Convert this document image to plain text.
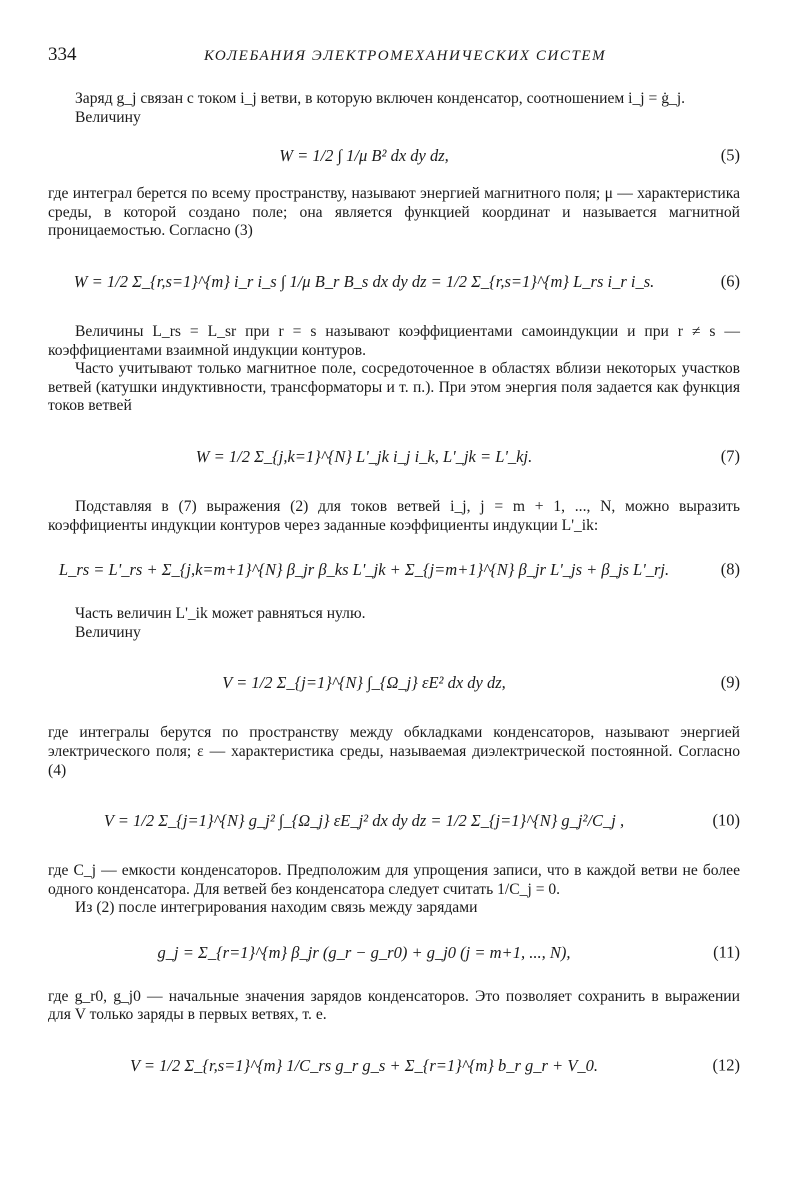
334	КОЛЕБАНИЯ ЭЛЕКТРОМЕХАНИЧЕСКИХ СИСТЕМ

Заряд g_j связан с током i_j ветви, в которую включен конденсатор, соотношением i_j = ġ_j.

Величину

W = 1/2 ∫ 1/μ B² dx dy dz,	(5)

где интеграл берется по всему пространству, называют энергией магнитного поля; μ — характеристика среды, в которой создано поле; она является функцией координат и называется магнитной проницаемостью. Согласно (3)

W = 1/2 Σ_{r,s=1}^{m} i_r i_s ∫ 1/μ B_r B_s dx dy dz = 1/2 Σ_{r,s=1}^{m} L_rs i_r i_s.	(6)

Величины L_rs = L_sr при r = s называют коэффициентами самоиндукции и при r ≠ s — коэффициентами взаимной индукции контуров.

Часто учитывают только магнитное поле, сосредоточенное в областях вблизи некоторых участков ветвей (катушки индуктивности, трансформаторы и т. п.). При этом энергия поля задается как функция токов ветвей

W = 1/2 Σ_{j,k=1}^{N} L'_jk i_j i_k, L'_jk = L'_kj.	(7)

Подставляя в (7) выражения (2) для токов ветвей i_j, j = m + 1, ..., N, можно выразить коэффициенты индукции контуров через заданные коэффициенты индукции L'_ik:

L_rs = L'_rs + Σ_{j,k=m+1}^{N} β_jr β_ks L'_jk + Σ_{j=m+1}^{N} β_jr L'_js + β_js L'_rj.	(8)

Часть величин L'_ik может равняться нулю.

Величину

V = 1/2 Σ_{j=1}^{N} ∫_{Ω_j} εE² dx dy dz,	(9)

где интегралы берутся по пространству между обкладками конденсаторов, называют энергией электрического поля; ε — характеристика среды, называемая диэлектрической постоянной. Согласно (4)

V = 1/2 Σ_{j=1}^{N} g_j² ∫_{Ω_j} εE_j² dx dy dz = 1/2 Σ_{j=1}^{N} g_j²/C_j ,	(10)

где C_j — емкости конденсаторов. Предположим для упрощения записи, что в каждой ветви не более одного конденсатора. Для ветвей без конденсатора следует считать 1/C_j = 0.

Из (2) после интегрирования находим связь между зарядами

g_j = Σ_{r=1}^{m} β_jr (g_r − g_r0) + g_j0 (j = m+1, ..., N),	(11)

где g_r0, g_j0 — начальные значения зарядов конденсаторов. Это позволяет сохранить в выражении для V только заряды в первых ветвях, т. е.

V = 1/2 Σ_{r,s=1}^{m} 1/C_rs g_r g_s + Σ_{r=1}^{m} b_r g_r + V_0.	(12)
